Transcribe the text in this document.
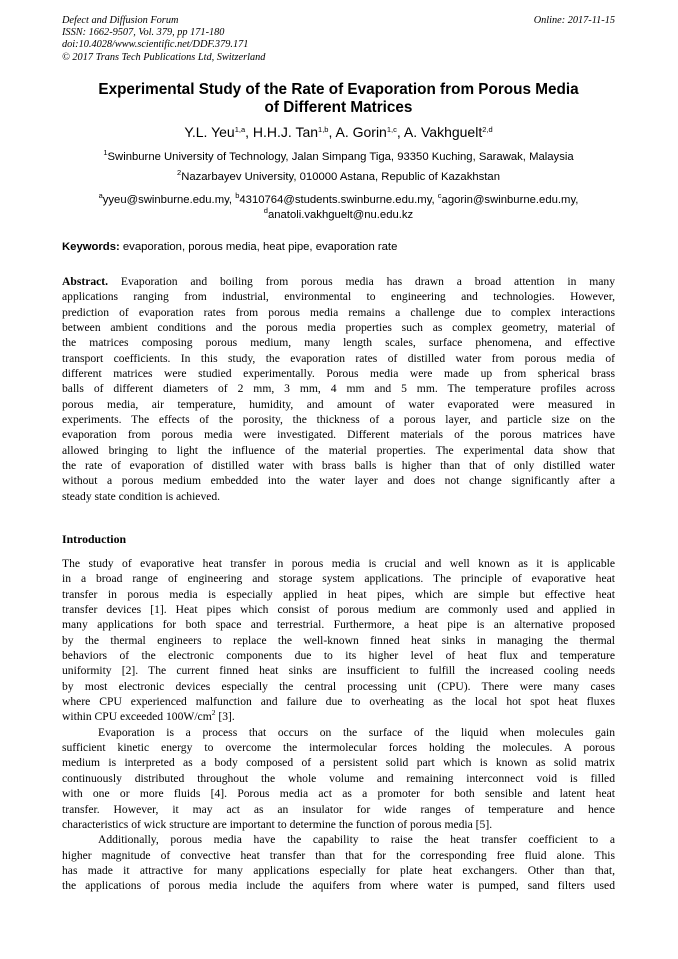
Defect and Diffusion Forum
ISSN: 1662-9507, Vol. 379, pp 171-180
doi:10.4028/www.scientific.net/DDF.379.171
© 2017 Trans Tech Publications Ltd, Switzerland
Online: 2017-11-15
Experimental Study of the Rate of Evaporation from Porous Media
of Different Matrices
Y.L. Yeu$^{1,a}$, H.H.J. Tan$^{1,b}$, A. Gorin$^{1,c}$, A. Vakhguelt$^{2,d}$
$^1$Swinburne University of Technology, Jalan Simpang Tiga, 93350 Kuching, Sarawak, Malaysia
$^2$Nazarbayev University, 010000 Astana, Republic of Kazakhstan
$^a$yyeu@swinburne.edu.my, $^b$4310764@students.swinburne.edu.my, $^c$agorin@swinburne.edu.my,
$^d$anatoli.vakhguelt@nu.edu.kz
Keywords: evaporation, porous media, heat pipe, evaporation rate
Abstract. Evaporation and boiling from porous media has drawn a broad attention in many
applications ranging from industrial, environmental to engineering and technologies. However,
prediction of evaporation rates from porous media remains a challenge due to complex interactions
between ambient conditions and the porous media properties such as complex geometry, material of
the matrices composing porous medium, many length scales, surface phenomena, and effective
transport coefficients. In this study, the evaporation rates of distilled water from porous media of
different matrices were studied experimentally. Porous media were made up from spherical brass
balls of different diameters of 2 mm, 3 mm, 4 mm and 5 mm. The temperature profiles across
porous media, air temperature, humidity, and amount of water evaporated were measured in
experiments. The effects of the porosity, the thickness of a porous layer, and particle size on the
evaporation from porous media were investigated. Different materials of the porous matrices have
allowed bringing to light the influence of the material properties. The experimental data show that
the rate of evaporation of distilled water with brass balls is higher than that of only distilled water
without a porous medium embedded into the water layer and does not change significantly after a
steady state condition is achieved.
Introduction
The study of evaporative heat transfer in porous media is crucial and well known as it is applicable
in a broad range of engineering and storage system applications. The principle of evaporative heat
transfer in porous media is especially applied in heat pipes, which are simple but effective heat
transfer devices [1]. Heat pipes which consist of porous medium are commonly used and applied in
many applications for both space and terrestrial. Furthermore, a heat pipe is an alternative proposed
by the thermal engineers to replace the well-known finned heat sinks in managing the thermal
behaviors of the electronic components due to its higher level of heat flux and temperature
uniformity [2]. The current finned heat sinks are insufficient to fulfill the increased cooling needs
by most electronic devices especially the central processing unit (CPU). There were many cases
where CPU experienced malfunction and failure due to overheating as the local hot spot heat fluxes
within CPU exceeded $100W/cm^2$ [3].
Evaporation is a process that occurs on the surface of the liquid when molecules gain
sufficient kinetic energy to overcome the intermolecular forces holding the molecules. A porous
medium is interpreted as a body composed of a persistent solid part which is known as solid matrix
continuously distributed throughout the whole volume and remaining interconnect void is filled
with one or more fluids [4]. Porous media act as a promoter for both sensible and latent heat
transfer. However, it may act as an insulator for wide ranges of temperature and hence
characteristics of wick structure are important to determine the function of porous media [5].
Additionally, porous media have the capability to raise the heat transfer coefficient to a
higher magnitude of convective heat transfer than that for the corresponding free fluid alone. This
has made it attractive for many applications especially for plate heat exchangers. Other than that,
the applications of porous media include the aquifers from where water is pumped, sand filters used
